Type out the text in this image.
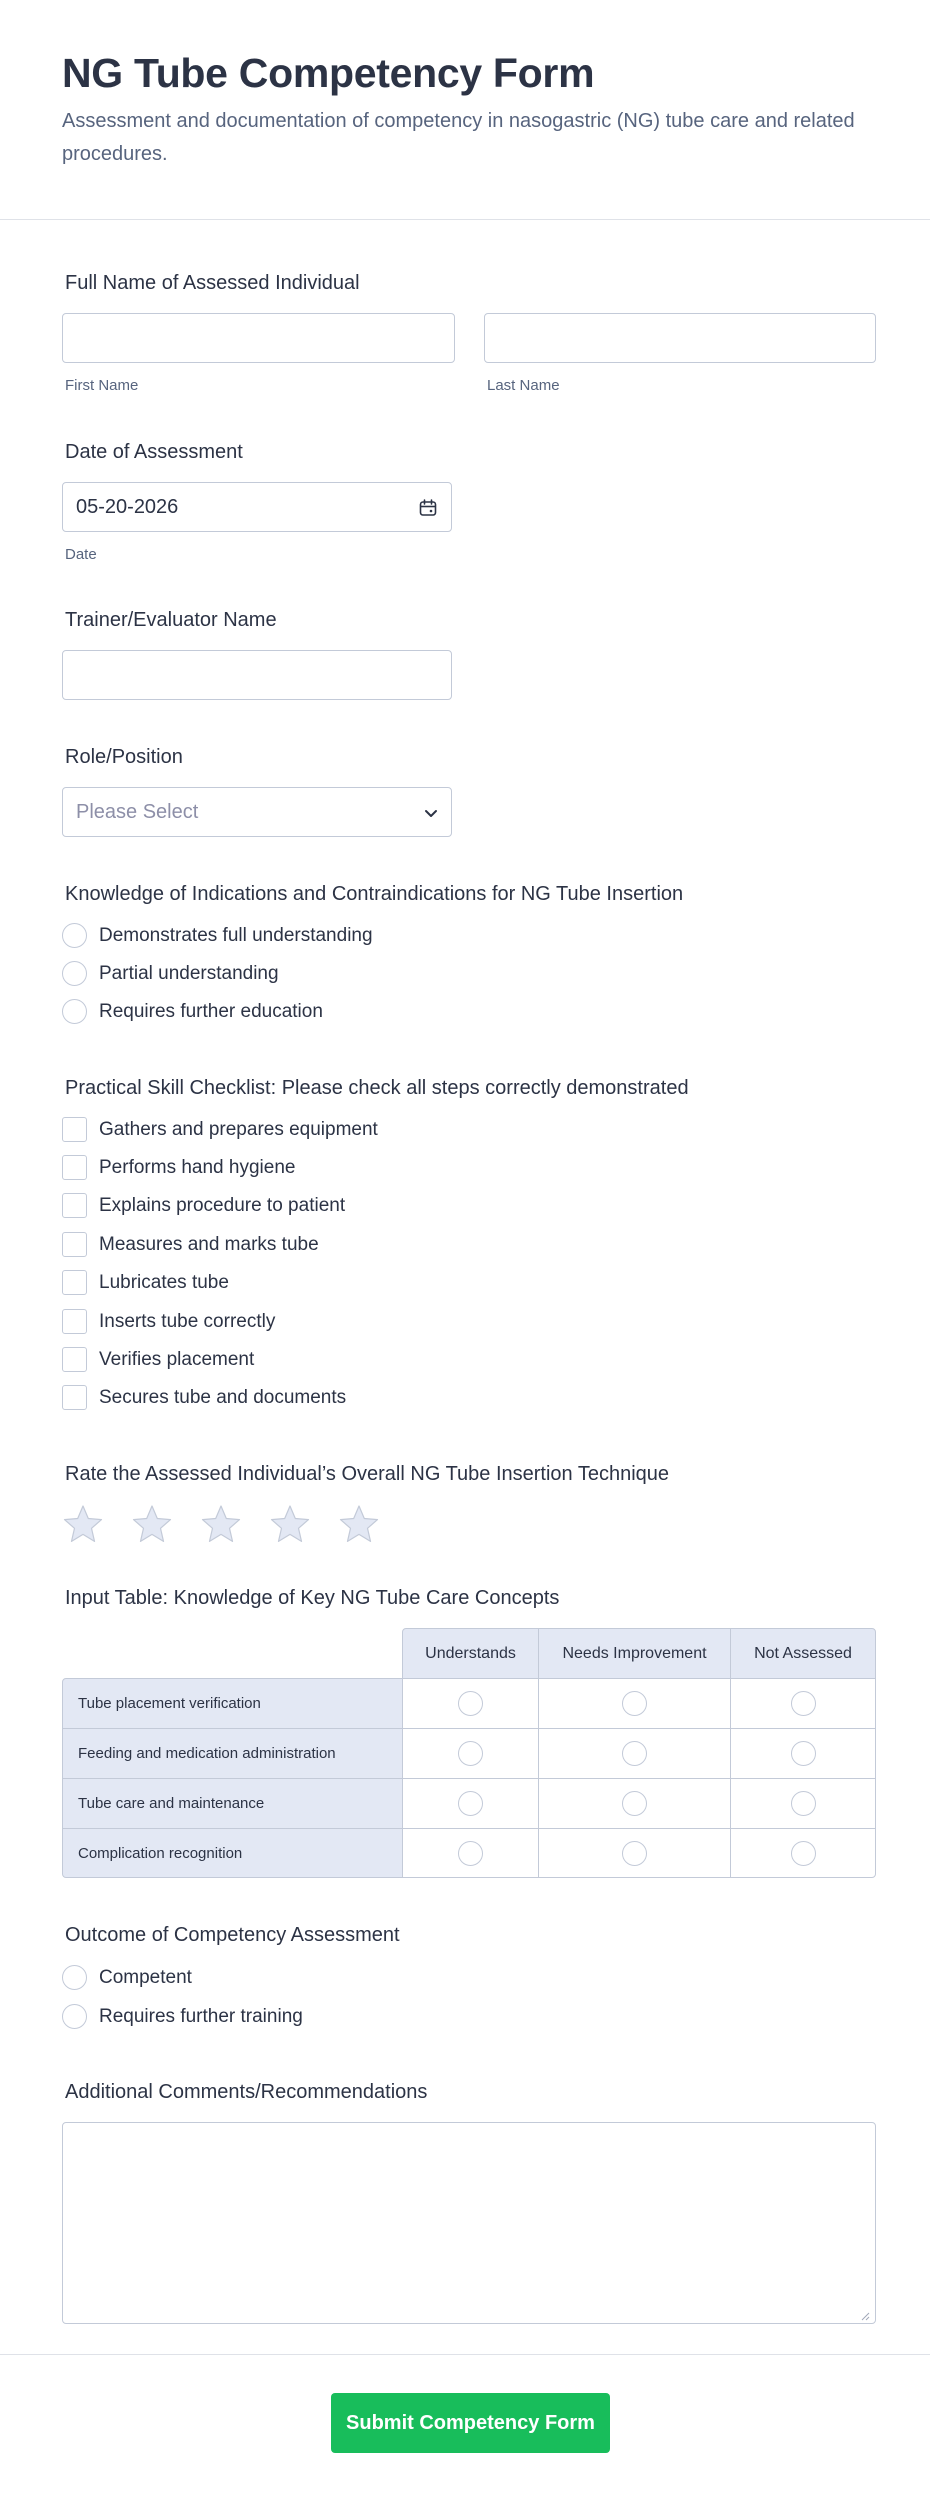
NG Tube Competency Form
Assessment and documentation of competency in nasogastric (NG) tube care and related procedures.
Full Name of Assessed Individual
First Name	Last Name
Date of Assessment
05-20-2026
Date
Trainer/Evaluator Name
Role/Position
Please Select
Knowledge of Indications and Contraindications for NG Tube Insertion
Demonstrates full understanding
Partial understanding
Requires further education
Practical Skill Checklist: Please check all steps correctly demonstrated
Gathers and prepares equipment
Performs hand hygiene
Explains procedure to patient
Measures and marks tube
Lubricates tube
Inserts tube correctly
Verifies placement
Secures tube and documents
Rate the Assessed Individual’s Overall NG Tube Insertion Technique
Input Table: Knowledge of Key NG Tube Care Concepts
Understands	Needs Improvement	Not Assessed
Tube placement verification
Feeding and medication administration
Tube care and maintenance
Complication recognition
Outcome of Competency Assessment
Competent
Requires further training
Additional Comments/Recommendations
Submit Competency Form
